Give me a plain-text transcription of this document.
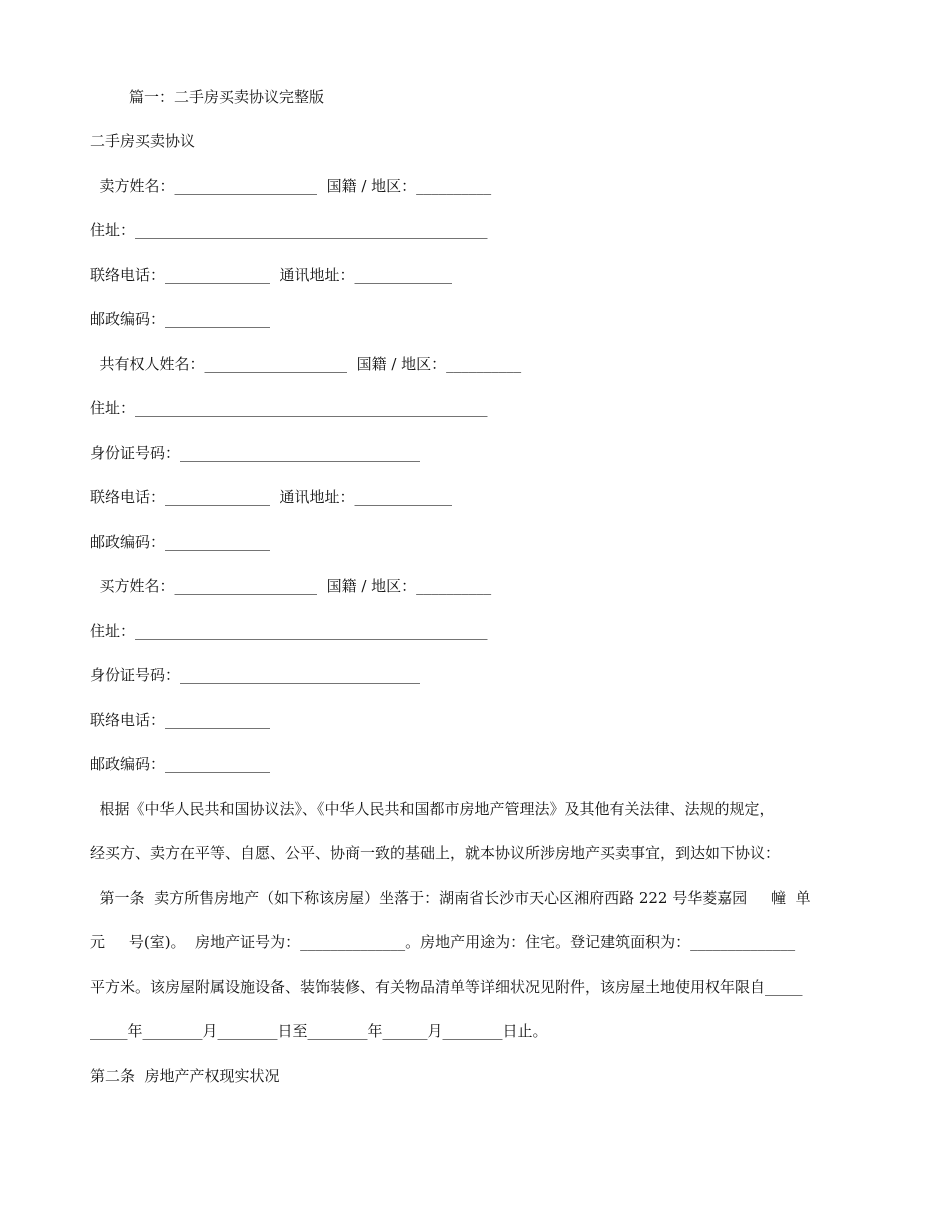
篇一：二手房买卖协议完整版
二手房买卖协议
卖方姓名：___________________  国籍 / 地区：__________
住址：_______________________________________________
联络电话：______________  通讯地址：_____________
邮政编码：______________
共有权人姓名：___________________  国籍 / 地区：__________
住址：_______________________________________________
身份证号码：________________________________
联络电话：______________  通讯地址：_____________
邮政编码：______________
买方姓名：___________________  国籍 / 地区：__________
住址：_______________________________________________
身份证号码：________________________________
联络电话：______________
邮政编码：______________
根据《中华人民共和国协议法》、《中华人民共和国都市房地产管理法》及其他有关法律、法规的规定，
经买方、卖方在平等、自愿、公平、协商一致的基础上，就本协议所涉房地产买卖事宜，到达如下协议：
第一条  卖方所售房地产（如下称该房屋）坐落于：湖南省长沙市天心区湘府西路 222 号华菱嘉园     幢  单
元     号(室)。  房地产证号为：______________。房地产用途为：住宅。登记建筑面积为：______________
平方米。该房屋附属设施设备、装饰装修、有关物品清单等详细状况见附件，该房屋土地使用权年限自_____
_____年________月________日至________年______月________日止。
第二条  房地产产权现实状况
